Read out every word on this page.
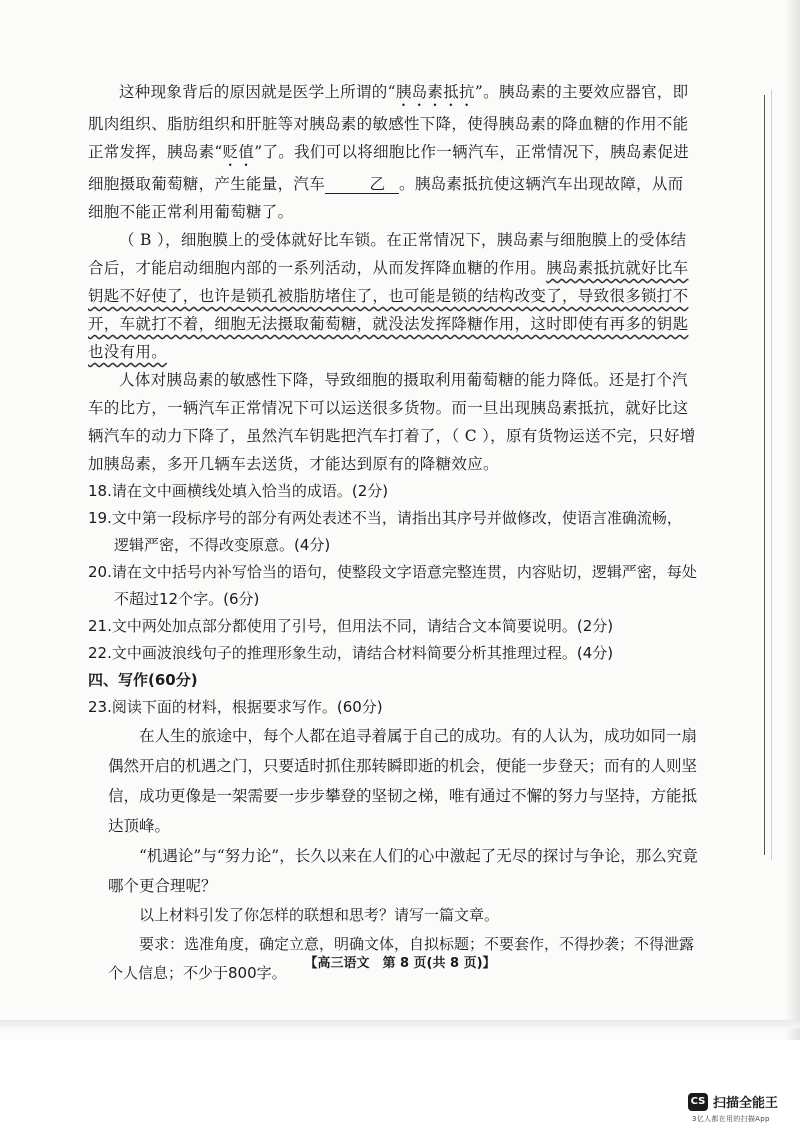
这种现象背后的原因就是医学上所谓的“胰岛素抵抗”。胰岛素的主要效应器官，即肌肉组织、脂肪组织和肝脏等对胰岛素的敏感性下降，使得胰岛素的降血糖的作用不能正常发挥，胰岛素“贬值”了。我们可以将细胞比作一辆汽车，正常情况下，胰岛素促进细胞摄取葡萄糖，产生能量，汽车	乙 。胰岛素抵抗使这辆汽车出现故障，从而细胞不能正常利用葡萄糖了。

（ B ），细胞膜上的受体就好比车锁。在正常情况下，胰岛素与细胞膜上的受体结合后，才能启动细胞内部的一系列活动，从而发挥降血糖的作用。胰岛素抵抗就好比车钥匙不好使了，也许是锁孔被脂肪堵住了，也可能是锁的结构改变了，导致很多锁打不开，车就打不着，细胞无法摄取葡萄糖，就没法发挥降糖作用，这时即使有再多的钥匙也没有用。

人体对胰岛素的敏感性下降，导致细胞的摄取利用葡萄糖的能力降低。还是打个汽车的比方，一辆汽车正常情况下可以运送很多货物。而一旦出现胰岛素抵抗，就好比这辆汽车的动力下降了，虽然汽车钥匙把汽车打着了，（ C ），原有货物运送不完，只好增加胰岛素，多开几辆车去送货，才能达到原有的降糖效应。

18.请在文中画横线处填入恰当的成语。(2分)

19.文中第一段标序号的部分有两处表述不当，请指出其序号并做修改，使语言准确流畅，

逻辑严密，不得改变原意。(4分)

20.请在文中括号内补写恰当的语句，使整段文字语意完整连贯，内容贴切，逻辑严密，每处

不超过12个字。(6分)

21.文中两处加点部分都使用了引号，但用法不同，请结合文本简要说明。(2分)

22.文中画波浪线句子的推理形象生动，请结合材料简要分析其推理过程。(4分)

四、写作(60分)

23.阅读下面的材料，根据要求写作。(60分)

在人生的旅途中，每个人都在追寻着属于自己的成功。有的人认为，成功如同一扇偶然开启的机遇之门，只要适时抓住那转瞬即逝的机会，便能一步登天；而有的人则坚信，成功更像是一架需要一步步攀登的坚韧之梯，唯有通过不懈的努力与坚持，方能抵达顶峰。

“机遇论”与“努力论”，长久以来在人们的心中激起了无尽的探讨与争论，那么究竟哪个更合理呢？

以上材料引发了你怎样的联想和思考？请写一篇文章。

要求：选准角度，确定立意，明确文体，自拟标题；不要套作，不得抄袭；不得泄露个人信息；不少于800字。

【高三语文　第 8 页(共 8 页)】
CS 扫描全能王
3亿人都在用的扫描App
